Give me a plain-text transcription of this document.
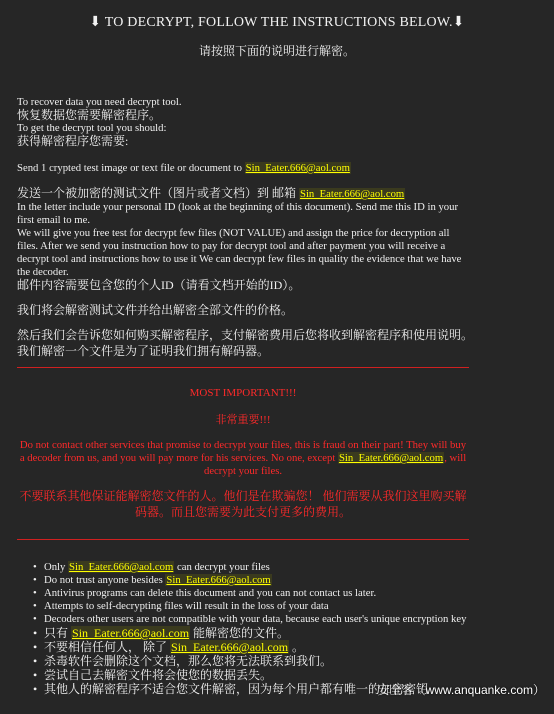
⬇ TO DECRYPT, FOLLOW THE INSTRUCTIONS BELOW.⬇
请按照下面的说明进行解密。
To recover data you need decrypt tool.
恢复数据您需要解密程序。
To get the decrypt tool you should:
获得解密程序您需要:
Send 1 crypted test image or text file or document to Sin_Eater.666@aol.com
发送一个被加密的测试文件（图片或者文档）到 邮箱 Sin_Eater.666@aol.com
In the letter include your personal ID (look at the beginning of this document). Send me this ID in your first email to me.
We will give you free test for decrypt few files (NOT VALUE) and assign the price for decryption all files. After we send you instruction how to pay for decrypt tool and after payment you will receive a decrypt tool and instructions how to use it We can decrypt few files in quality the evidence that we have the decoder.
邮件内容需要包含您的个人ID（请看文档开始的ID）。
我们将会解密测试文件并给出解密全部文件的价格。
然后我们会告诉您如何购买解密程序，支付解密费用后您将收到解密程序和使用说明。 我们解密一个文件是为了证明我们拥有解码器。
MOST IMPORTANT!!!
非常重要!!!
Do not contact other services that promise to decrypt your files, this is fraud on their part! They will buy a decoder from us, and you will pay more for his services. No one, except Sin_Eater.666@aol.com, will decrypt your files.
不要联系其他保证能解密您文件的人。他们是在欺骗您！ 他们需要从我们这里购买解码器。而且您需要为此支付更多的费用。
• Only Sin_Eater.666@aol.com can decrypt your files
• Do not trust anyone besides Sin_Eater.666@aol.com
• Antivirus programs can delete this document and you can not contact us later.
• Attempts to self-decrypting files will result in the loss of your data
• Decoders other users are not compatible with your data, because each user's unique encryption key
• 只有 Sin_Eater.666@aol.com 能解密您的文件。
• 不要相信任何人， 除了 Sin_Eater.666@aol.com 。
• 杀毒软件会删除这个文档，那么您将无法联系到我们。
• 尝试自己去解密文件将会使您的数据丢失。
• 其他人的解密程序不适合您文件解密，因为每个用户都有唯一的加密密钥
安全客（www.anquanke.com）
